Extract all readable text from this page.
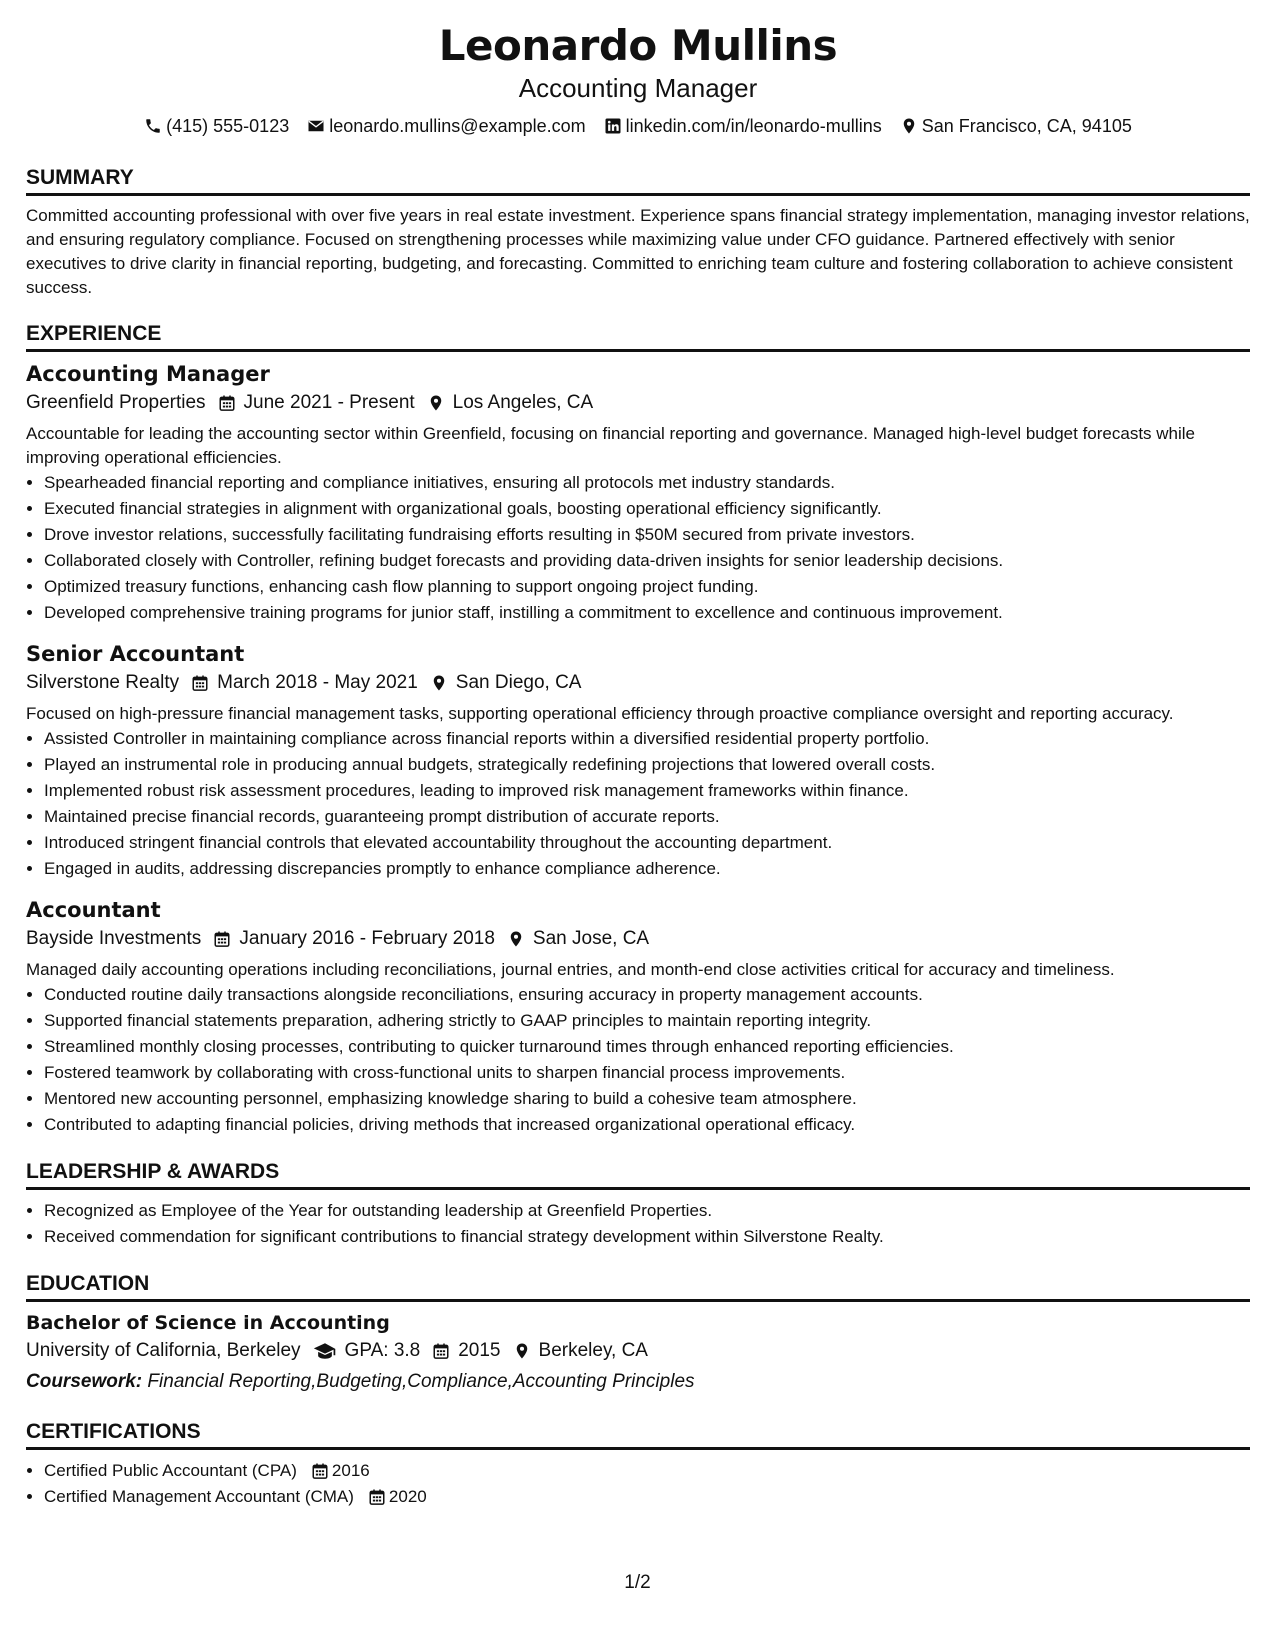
Leonardo Mullins
Accounting Manager
(415) 555-0123 leonardo.mullins@example.com linkedin.com/in/leonardo-mullins San Francisco, CA, 94105
SUMMARY

Committed accounting professional with over five years in real estate investment. Experience spans financial strategy implementation, managing investor relations, and ensuring regulatory compliance. Focused on strengthening processes while maximizing value under CFO guidance. Partnered effectively with senior executives to drive clarity in financial reporting, budgeting, and forecasting. Committed to enriching team culture and fostering collaboration to achieve consistent success.

EXPERIENCE
Accounting Manager
Greenfield Properties June 2021 - Present Los Angeles, CA
Accountable for leading the accounting sector within Greenfield, focusing on financial reporting and governance. Managed high-level budget forecasts while improving operational efficiencies.
• Spearheaded financial reporting and compliance initiatives, ensuring all protocols met industry standards.
• Executed financial strategies in alignment with organizational goals, boosting operational efficiency significantly.
• Drove investor relations, successfully facilitating fundraising efforts resulting in $50M secured from private investors.
• Collaborated closely with Controller, refining budget forecasts and providing data-driven insights for senior leadership decisions.
• Optimized treasury functions, enhancing cash flow planning to support ongoing project funding.
• Developed comprehensive training programs for junior staff, instilling a commitment to excellence and continuous improvement.
Senior Accountant
Silverstone Realty March 2018 - May 2021 San Diego, CA
Focused on high-pressure financial management tasks, supporting operational efficiency through proactive compliance oversight and reporting accuracy.
• Assisted Controller in maintaining compliance across financial reports within a diversified residential property portfolio.
• Played an instrumental role in producing annual budgets, strategically redefining projections that lowered overall costs.
• Implemented robust risk assessment procedures, leading to improved risk management frameworks within finance.
• Maintained precise financial records, guaranteeing prompt distribution of accurate reports.
• Introduced stringent financial controls that elevated accountability throughout the accounting department.
• Engaged in audits, addressing discrepancies promptly to enhance compliance adherence.
Accountant
Bayside Investments January 2016 - February 2018 San Jose, CA
Managed daily accounting operations including reconciliations, journal entries, and month-end close activities critical for accuracy and timeliness.
• Conducted routine daily transactions alongside reconciliations, ensuring accuracy in property management accounts.
• Supported financial statements preparation, adhering strictly to GAAP principles to maintain reporting integrity.
• Streamlined monthly closing processes, contributing to quicker turnaround times through enhanced reporting efficiencies.
• Fostered teamwork by collaborating with cross-functional units to sharpen financial process improvements.
• Mentored new accounting personnel, emphasizing knowledge sharing to build a cohesive team atmosphere.
• Contributed to adapting financial policies, driving methods that increased organizational operational efficacy.
LEADERSHIP & AWARDS
• Recognized as Employee of the Year for outstanding leadership at Greenfield Properties.
• Received commendation for significant contributions to financial strategy development within Silverstone Realty.
EDUCATION
Bachelor of Science in Accounting
University of California, Berkeley GPA: 3.8 2015 Berkeley, CA
Coursework: Financial Reporting,Budgeting,Compliance,Accounting Principles
CERTIFICATIONS
• Certified Public Accountant (CPA) 2016
• Certified Management Accountant (CMA) 2020
1/2
